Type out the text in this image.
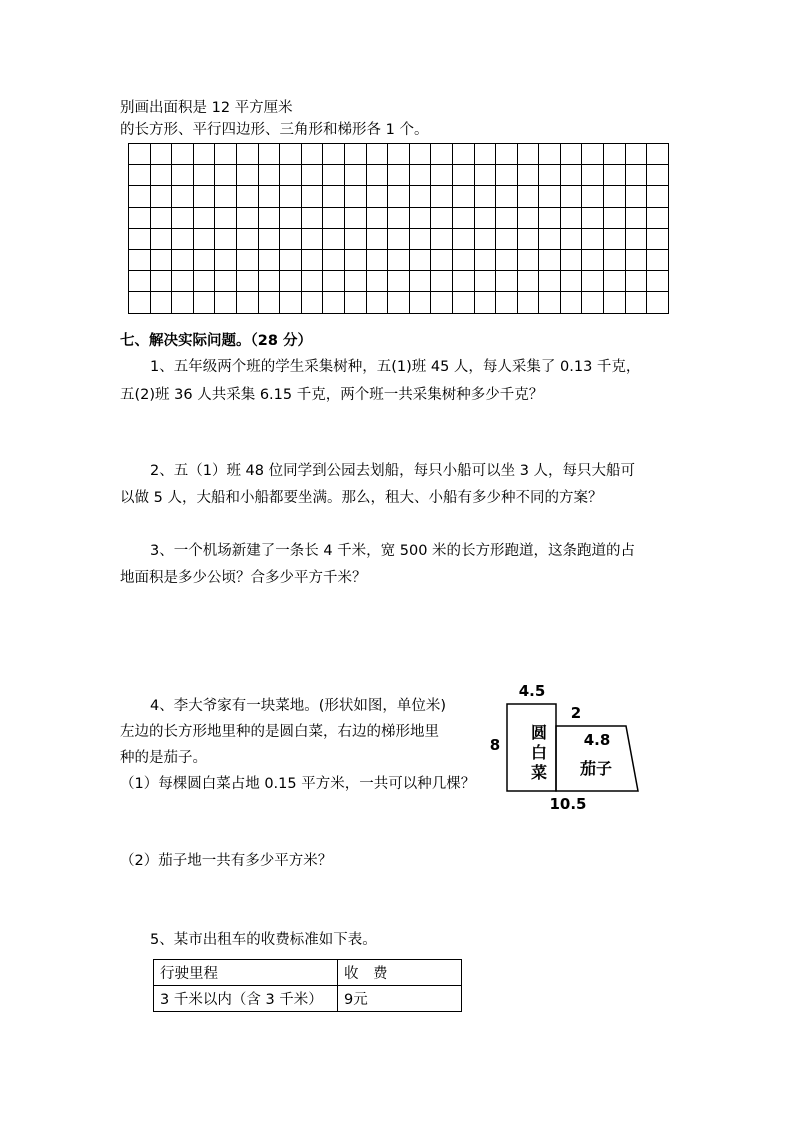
别画出面积是 12 平方厘米
的长方形、平行四边形、三角形和梯形各 1 个。

七、解决实际问题。（28 分）
1、五年级两个班的学生采集树种，五(1)班 45 人，每人采集了 0.13 千克，
五(2)班 36 人共采集 6.15 千克，两个班一共采集树种多少千克？
2、五（1）班 48 位同学到公园去划船，每只小船可以坐 3 人，每只大船可
以做 5 人，大船和小船都要坐满。那么，租大、小船有多少种不同的方案？
3、一个机场新建了一条长 4 千米，宽 500 米的长方形跑道，这条跑道的占
地面积是多少公顷？合多少平方千米？
4、李大爷家有一块菜地。(形状如图，单位米)
左边的长方形地里种的是圆白菜，右边的梯形地里
种的是茄子。
（1）每棵圆白菜占地 0.15 平方米，一共可以种几棵？
4.5
2
8
圆
白
菜
4.8
茄子
10.5
（2）茄子地一共有多少平方米？
5、某市出租车的收费标准如下表。
行驶里程	收　费
3 千米以内（含 3 千米）	9元
